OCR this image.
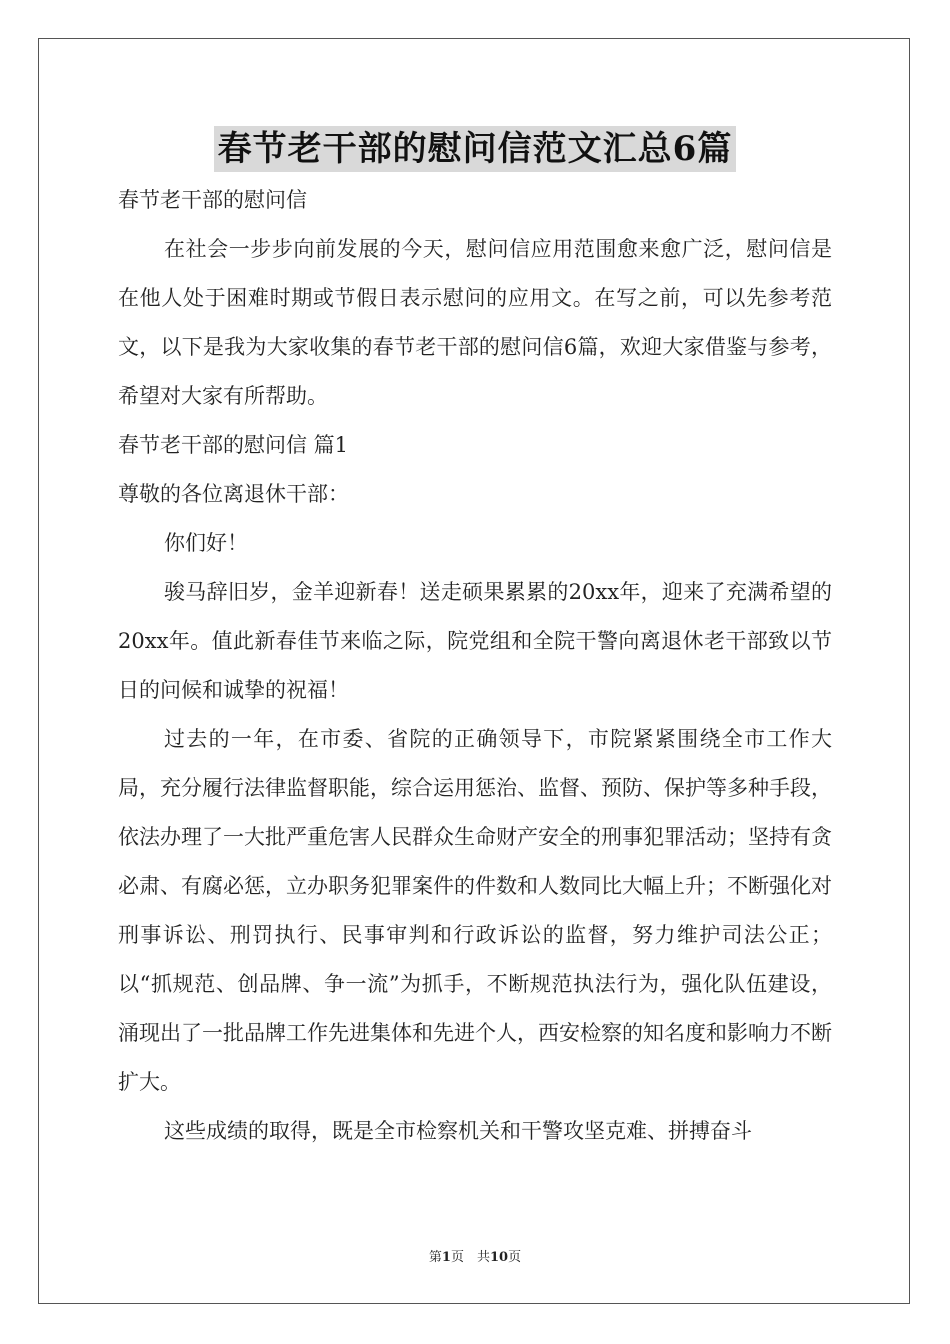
春节老干部的慰问信范文汇总6篇

春节老干部的慰问信

在社会一步步向前发展的今天，慰问信应用范围愈来愈广泛，慰问信是在他人处于困难时期或节假日表示慰问的应用文。在写之前，可以先参考范文，以下是我为大家收集的春节老干部的慰问信6篇，欢迎大家借鉴与参考，希望对大家有所帮助。

春节老干部的慰问信 篇1

尊敬的各位离退休干部：

你们好！

骏马辞旧岁，金羊迎新春！送走硕果累累的20xx年，迎来了充满希望的20xx年。值此新春佳节来临之际，院党组和全院干警向离退休老干部致以节日的问候和诚挚的祝福！

过去的一年，在市委、省院的正确领导下，市院紧紧围绕全市工作大局，充分履行法律监督职能，综合运用惩治、监督、预防、保护等多种手段，依法办理了一大批严重危害人民群众生命财产安全的刑事犯罪活动；坚持有贪必肃、有腐必惩，立办职务犯罪案件的件数和人数同比大幅上升；不断强化对刑事诉讼、刑罚执行、民事审判和行政诉讼的监督，努力维护司法公正；以“抓规范、创品牌、争一流”为抓手，不断规范执法行为，强化队伍建设，涌现出了一批品牌工作先进集体和先进个人，西安检察的知名度和影响力不断扩大。

这些成绩的取得，既是全市检察机关和干警攻坚克难、拼搏奋斗

第1页　共10页
